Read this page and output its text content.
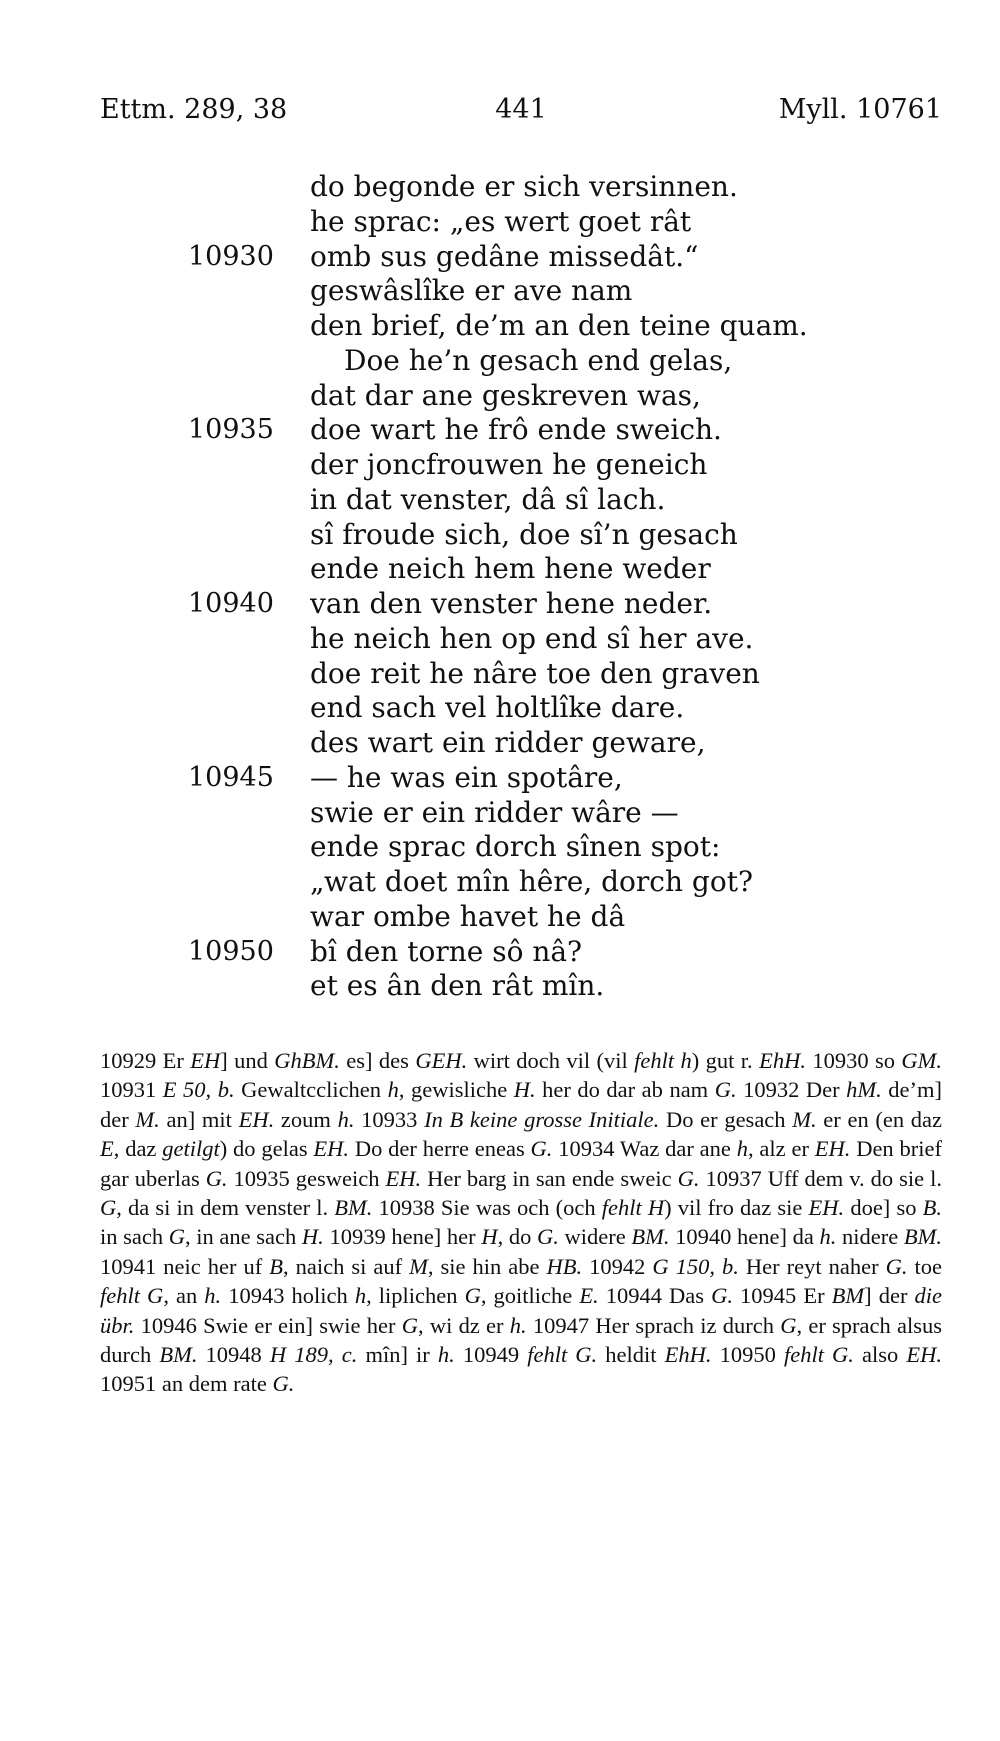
Ettm. 289, 38	441	Myll. 10761
do begonde er sich versinnen.
he sprac: „es wert goet rât
10930 omb sus gedâne missedât.“
geswâslîke er ave nam
den brief, de’m an den teine quam.
Doe he’n gesach end gelas,
dat dar ane geskreven was,
10935 doe wart he frô ende sweich.
der joncfrouwen he geneich
in dat venster, dâ sî lach.
sî froude sich, doe sî’n gesach
ende neich hem hene weder
10940 van den venster hene neder.
he neich hen op end sî her ave.
doe reit he nâre toe den graven
end sach vel holtlîke dare.
des wart ein ridder geware,
10945 — he was ein spotâre,
swie er ein ridder wâre —
ende sprac dorch sînen spot:
„wat doet mîn hêre, dorch got?
war ombe havet he dâ
10950 bî den torne sô nâ?
et es ân den rât mîn.
10929 Er EH] und GhBM. es] des GEH. wirt doch vil (vil fehlt h) gut r. EhH. 10930 so GM. 10931 E 50, b. Gewaltcclichen h, gewisliche H. her do dar ab nam G. 10932 Der hM. de’m] der M. an] mit EH. zoum h. 10933 In B keine grosse Initiale. Do er gesach M. er en (en daz E, daz getilgt) do gelas EH. Do der herre eneas G. 10934 Waz dar ane h, alz er EH. Den brief gar uberlas G. 10935 gesweich EH. Her barg in san ende sweic G. 10937 Uff dem v. do sie l. G, da si in dem venster l. BM. 10938 Sie was och (och fehlt H) vil fro daz sie EH. doe] so B. in sach G, in ane sach H. 10939 hene] her H, do G. widere BM. 10940 hene] da h. nidere BM. 10941 neic her uf B, naich si auf M, sie hin abe HB. 10942 G 150, b. Her reyt naher G. toe fehlt G, an h. 10943 holich h, liplichen G, goitliche E. 10944 Das G. 10945 Er BM] der die übr. 10946 Swie er ein] swie her G, wi dz er h. 10947 Her sprach iz durch G, er sprach alsus durch BM. 10948 H 189, c. mîn] ir h. 10949 fehlt G. heldit EhH. 10950 fehlt G. also EH. 10951 an dem rate G.
